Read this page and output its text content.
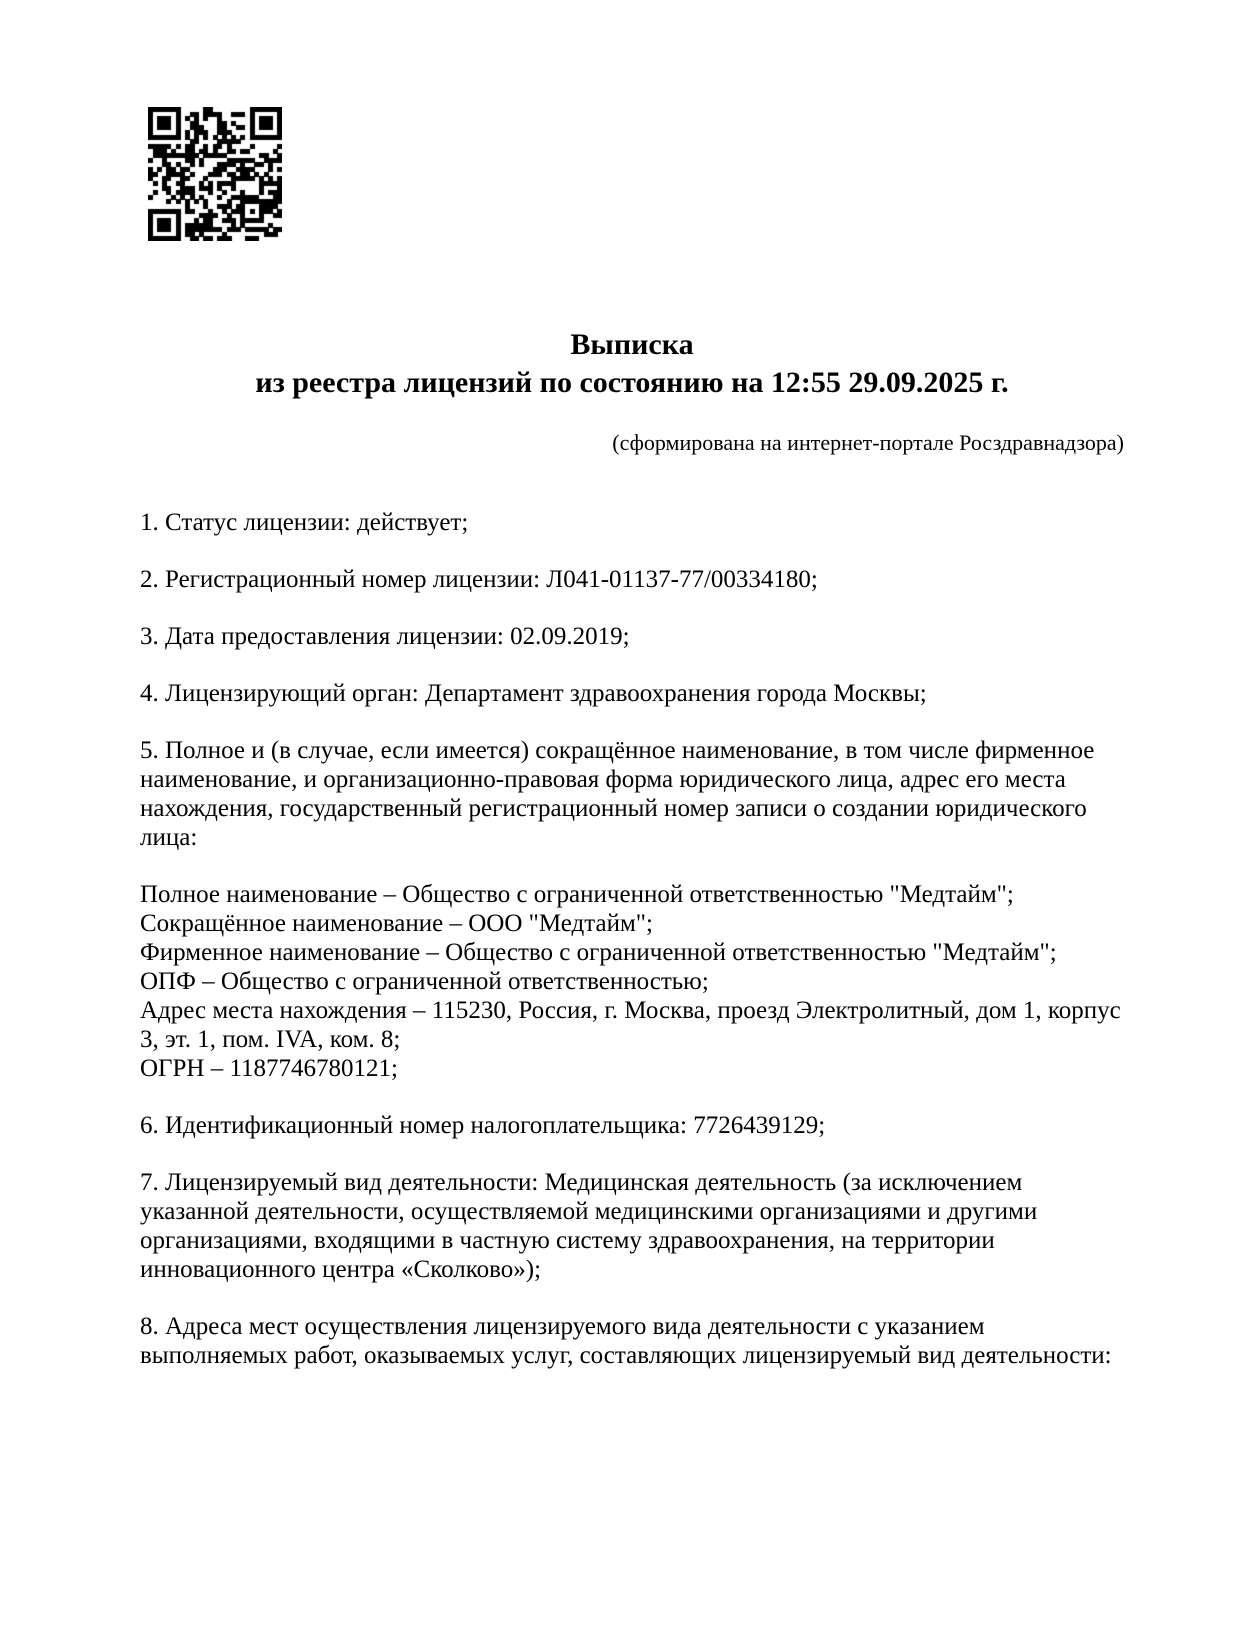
Выписка
из реестра лицензий по состоянию на 12:55 29.09.2025 г.
(сформирована на интернет-портале Росздравнадзора)

1. Статус лицензии: действует;

2. Регистрационный номер лицензии: Л041-01137-77/00334180;

3. Дата предоставления лицензии: 02.09.2019;

4. Лицензирующий орган: Департамент здравоохранения города Москвы;

5. Полное и (в случае, если имеется) сокращённое наименование, в том числе фирменное наименование, и организационно-правовая форма юридического лица, адрес его места нахождения, государственный регистрационный номер записи о создании юридического лица:

Полное наименование – Общество с ограниченной ответственностью "Медтайм";
Сокращённое наименование – ООО "Медтайм";
Фирменное наименование – Общество с ограниченной ответственностью "Медтайм";
ОПФ – Общество с ограниченной ответственностью;
Адрес места нахождения – 115230, Россия, г. Москва, проезд Электролитный, дом 1, корпус 3, эт. 1, пом. IVA, ком. 8;
ОГРН – 1187746780121;

6. Идентификационный номер налогоплательщика: 7726439129;

7. Лицензируемый вид деятельности: Медицинская деятельность (за исключением указанной деятельности, осуществляемой медицинскими организациями и другими организациями, входящими в частную систему здравоохранения, на территории инновационного центра «Сколково»);

8. Адреса мест осуществления лицензируемого вида деятельности с указанием выполняемых работ, оказываемых услуг, составляющих лицензируемый вид деятельности:
